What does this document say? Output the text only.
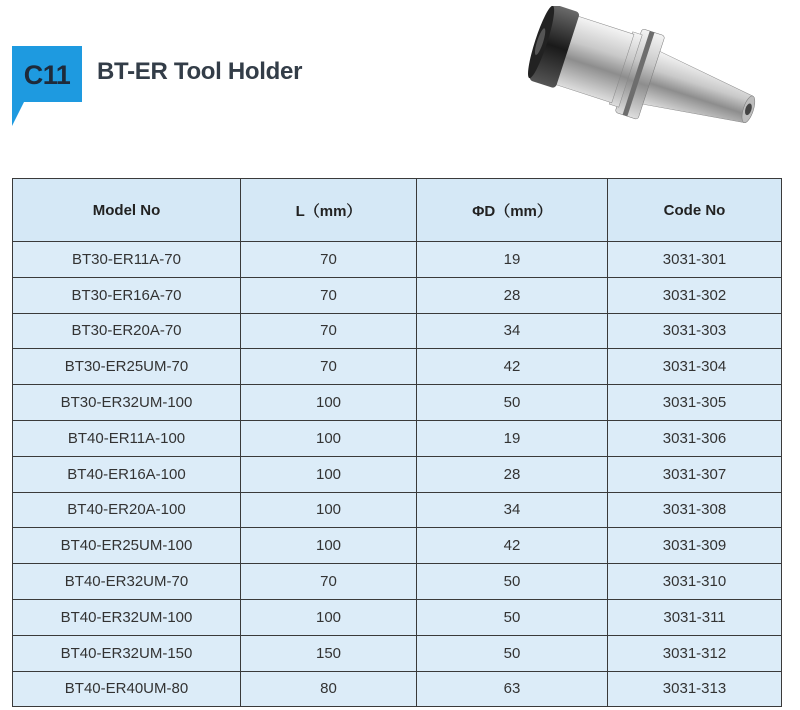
C11	BT-ER Tool Holder
Model No	L（mm）	ΦD（mm）	Code No
BT30-ER11A-70	70	19	3031-301
BT30-ER16A-70	70	28	3031-302
BT30-ER20A-70	70	34	3031-303
BT30-ER25UM-70	70	42	3031-304
BT30-ER32UM-100	100	50	3031-305
BT40-ER11A-100	100	19	3031-306
BT40-ER16A-100	100	28	3031-307
BT40-ER20A-100	100	34	3031-308
BT40-ER25UM-100	100	42	3031-309
BT40-ER32UM-70	70	50	3031-310
BT40-ER32UM-100	100	50	3031-311
BT40-ER32UM-150	150	50	3031-312
BT40-ER40UM-80	80	63	3031-313
